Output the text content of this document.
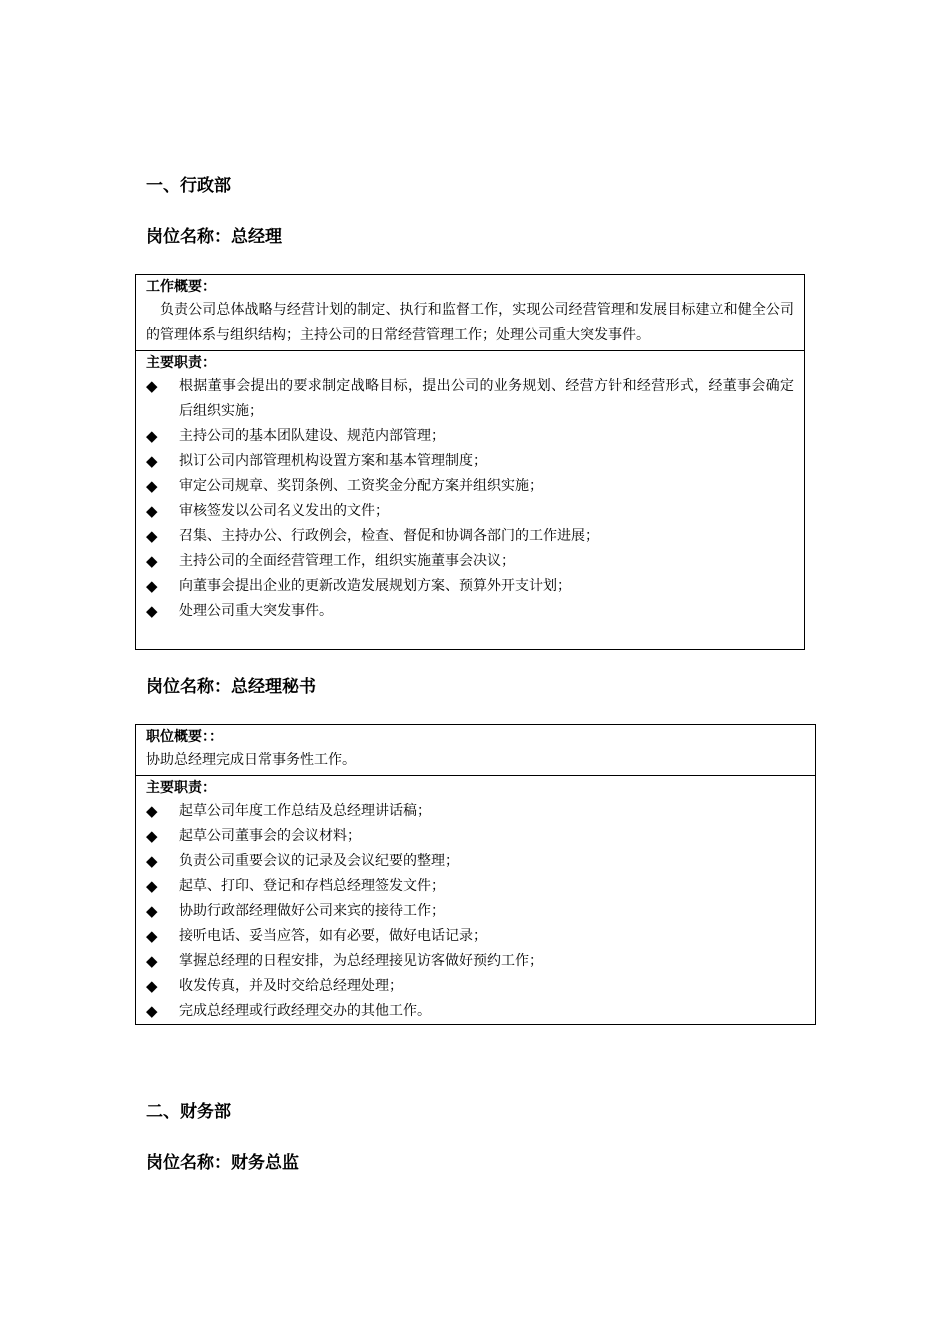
一、行政部
岗位名称：总经理
工作概要：
负责公司总体战略与经营计划的制定、执行和监督工作，实现公司经营管理和发展目标建立和健全公司的管理体系与组织结构；主持公司的日常经营管理工作；处理公司重大突发事件。
主要职责：
◆ 根据董事会提出的要求制定战略目标，提出公司的业务规划、经营方针和经营形式，经董事会确定后组织实施；
◆ 主持公司的基本团队建设、规范内部管理；
◆ 拟订公司内部管理机构设置方案和基本管理制度；
◆ 审定公司规章、奖罚条例、工资奖金分配方案并组织实施；
◆ 审核签发以公司名义发出的文件；
◆ 召集、主持办公、行政例会，检查、督促和协调各部门的工作进展；
◆ 主持公司的全面经营管理工作，组织实施董事会决议；
◆ 向董事会提出企业的更新改造发展规划方案、预算外开支计划；
◆ 处理公司重大突发事件。
岗位名称：总经理秘书
职位概要：：
协助总经理完成日常事务性工作。
主要职责：
◆ 起草公司年度工作总结及总经理讲话稿；
◆ 起草公司董事会的会议材料；
◆ 负责公司重要会议的记录及会议纪要的整理；
◆ 起草、打印、登记和存档总经理签发文件；
◆ 协助行政部经理做好公司来宾的接待工作；
◆ 接听电话、妥当应答，如有必要，做好电话记录；
◆ 掌握总经理的日程安排，为总经理接见访客做好预约工作；
◆ 收发传真，并及时交给总经理处理；
◆ 完成总经理或行政经理交办的其他工作。
二、财务部
岗位名称：财务总监
